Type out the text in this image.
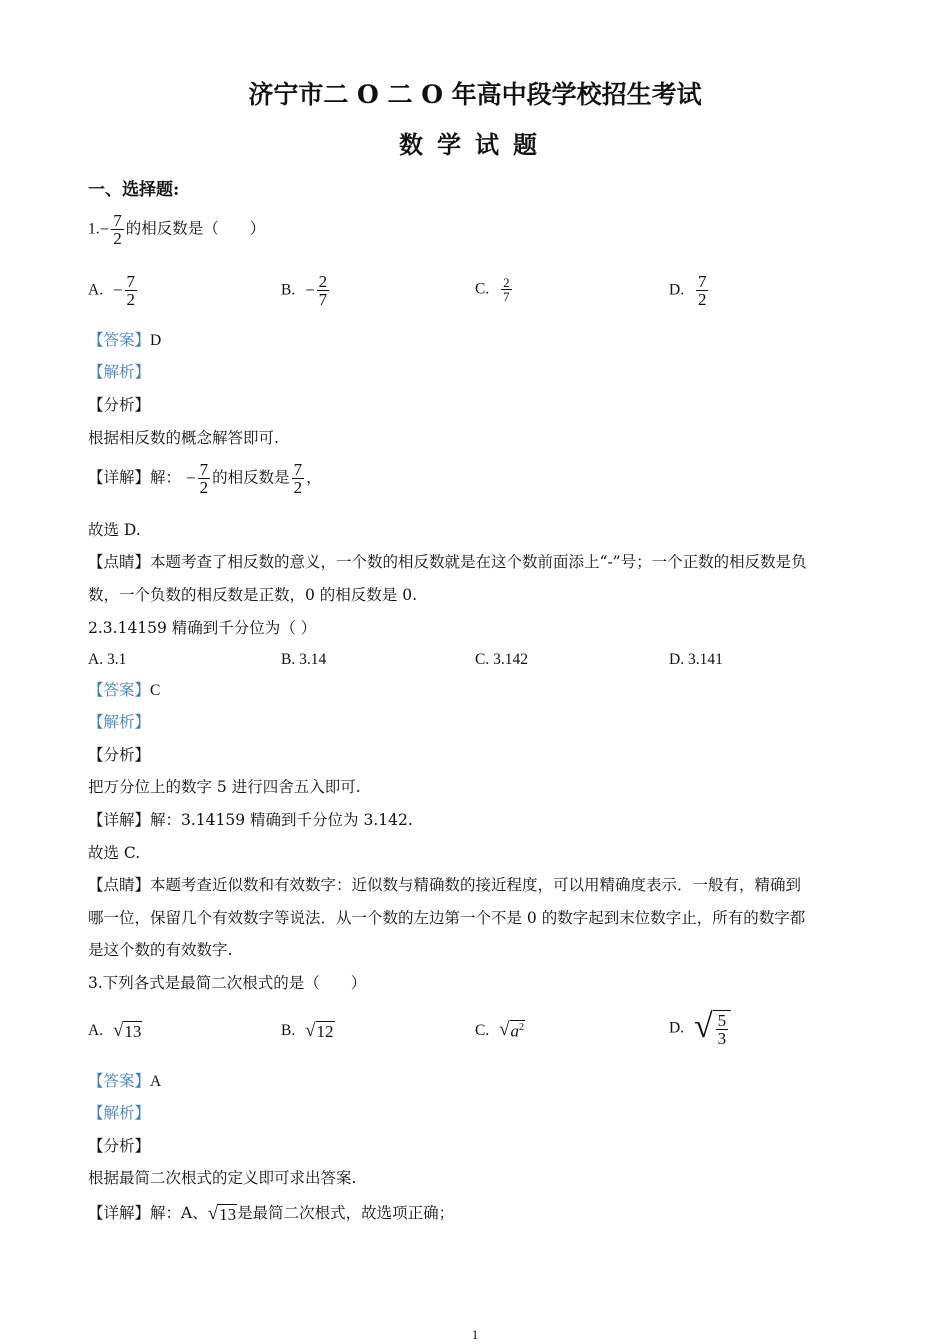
济宁市二 O 二 O 年高中段学校招生考试
数学试题
一、选择题:
$1.- \frac{7}{2}$ 的相反数是（　　）
A. − $\frac{7}{2}$	B. − $\frac{2}{7}$	C. $\frac{2}{7}$	D. $\frac{7}{2}$
【答案】D
【解析】
【分析】
根据相反数的概念解答即可.
【详解】解： − $\frac{7}{2}$ 的相反数是 $\frac{7}{2}$ ，
故选 D.
【点睛】本题考查了相反数的意义，一个数的相反数就是在这个数前面添上“-”号；一个正数的相反数是负
数，一个负数的相反数是正数，0 的相反数是 0.
2.3.14159 精确到千分位为（ ）
A. 3.1	B. 3.14	C. 3.142	D. 3.141
【答案】C
【解析】
【分析】
把万分位上的数字 5 进行四舍五入即可.
【详解】解：3.14159 精确到千分位为 3.142.
故选 C.
【点睛】本题考查近似数和有效数字：近似数与精确数的接近程度，可以用精确度表示．一般有，精确到
哪一位，保留几个有效数字等说法．从一个数的左边第一个不是 0 的数字起到末位数字止，所有的数字都
是这个数的有效数字.
3.下列各式是最简二次根式的是（　　）
A. √ 13	B. √ 12	C. √ $a^2$	D. √ $\frac{5}{3}$
【答案】A
【解析】
【分析】
根据最简二次根式的定义即可求出答案.
【详解】解：A、 √ 13 是最简二次根式，故选项正确；
1
